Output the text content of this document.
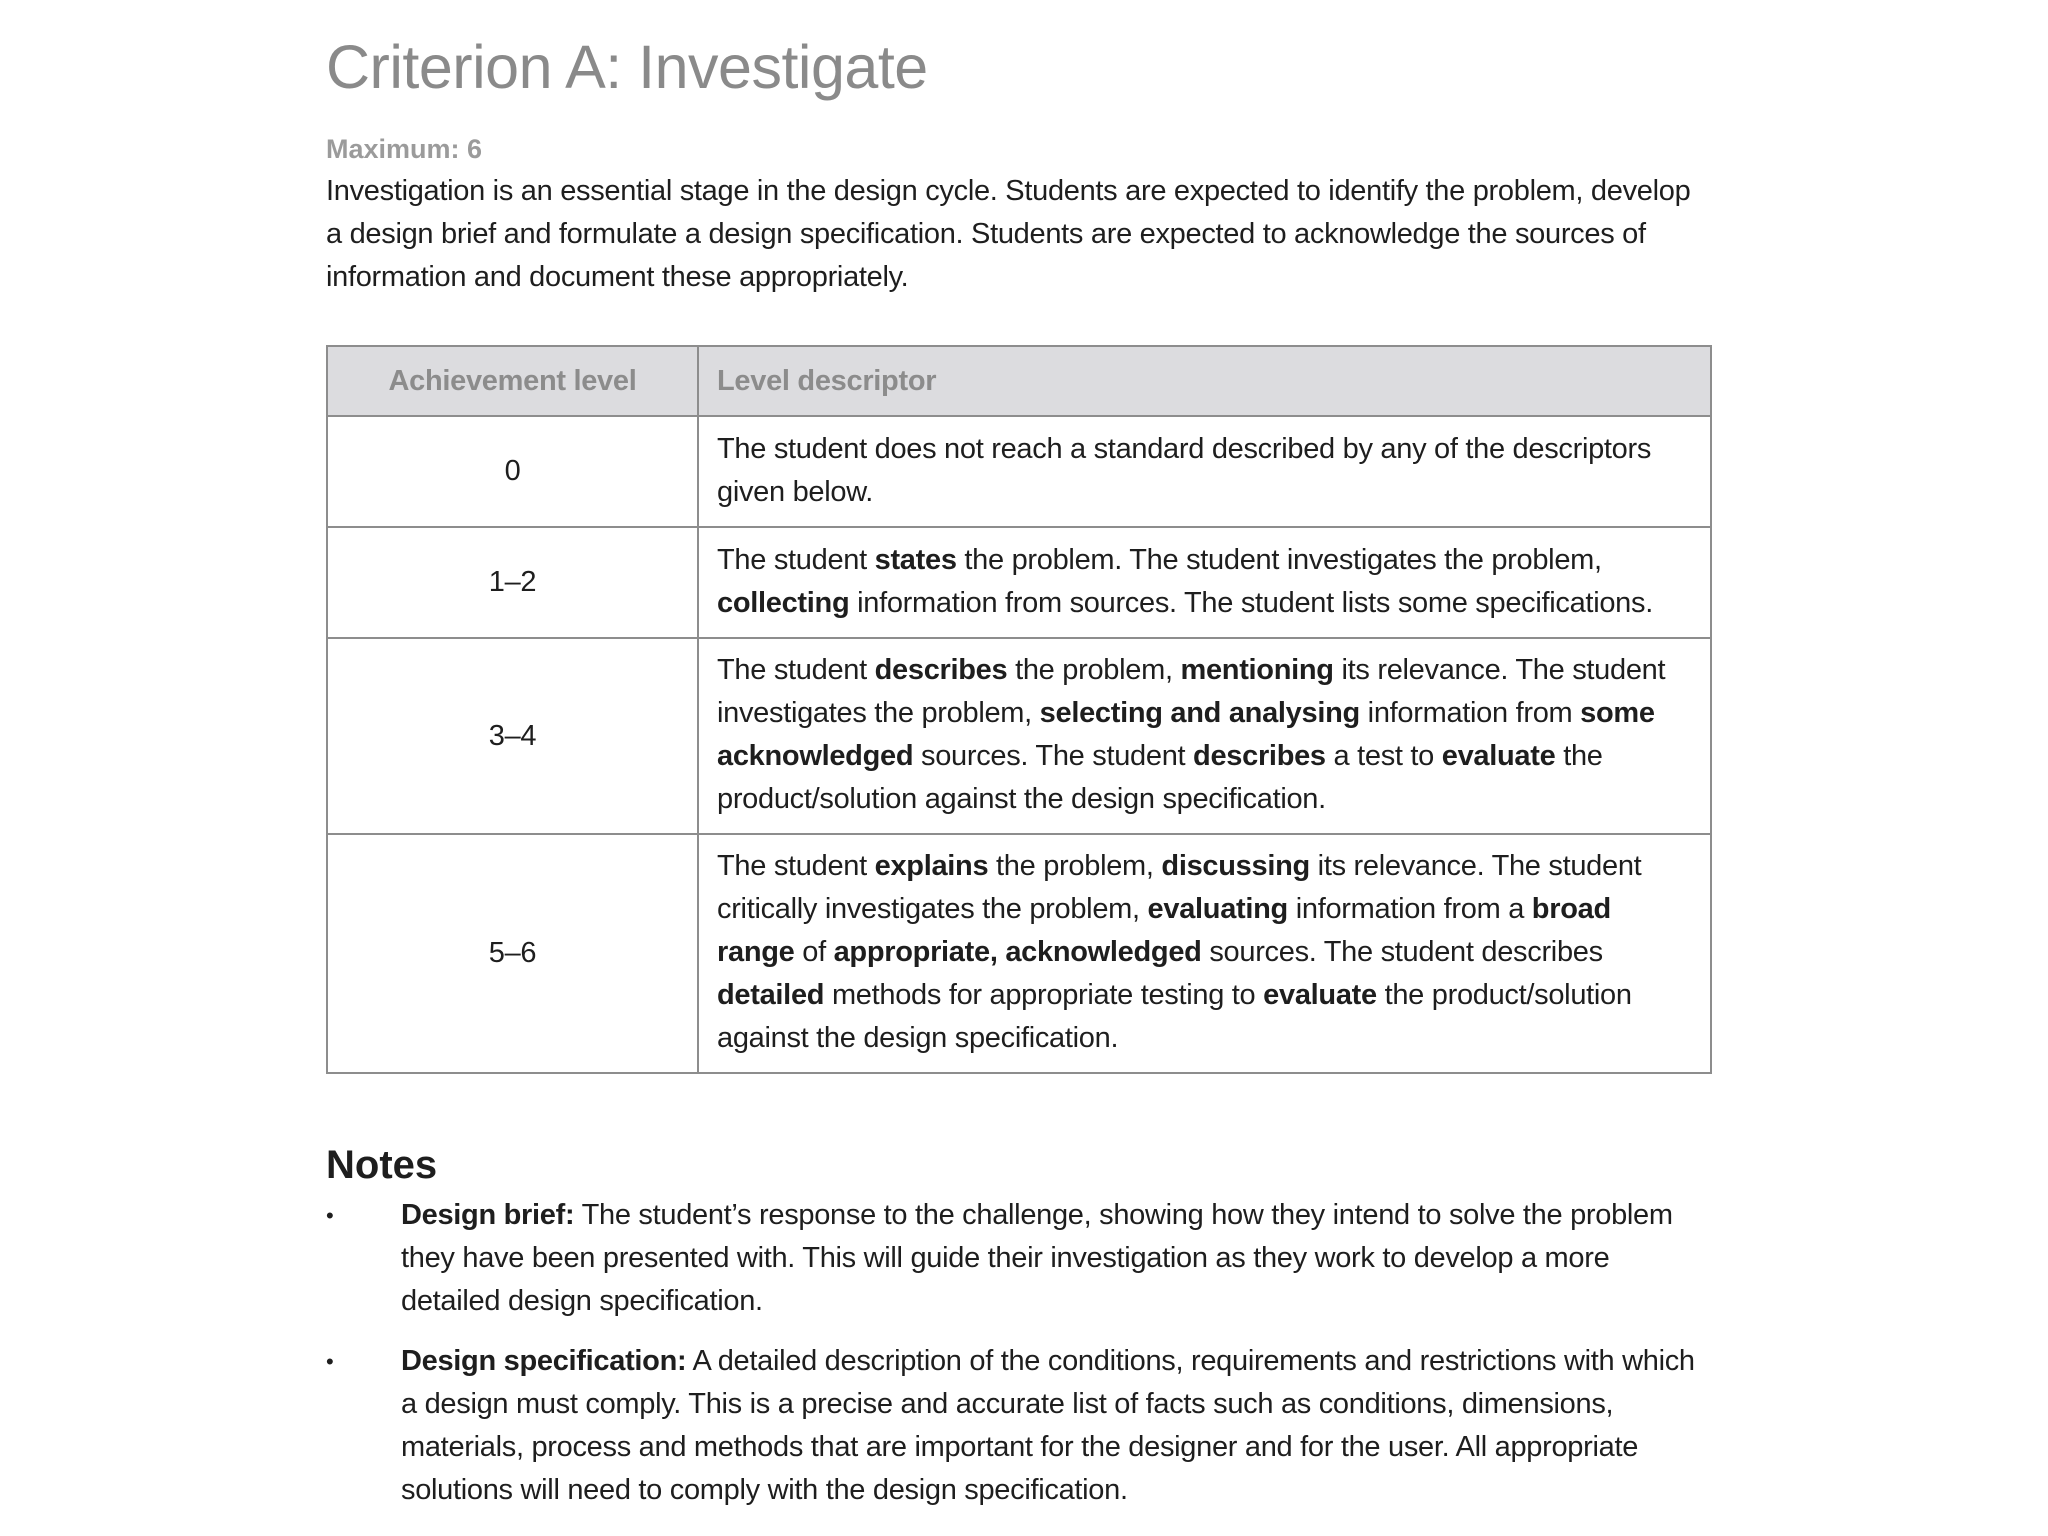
Criterion A: Investigate
Maximum: 6

Investigation is an essential stage in the design cycle. Students are expected to identify the problem, develop a design brief and formulate a design specification. Students are expected to acknowledge the sources of information and document these appropriately.

Achievement level	Level descriptor
0	The student does not reach a standard described by any of the descriptors given below.
1–2	The student states the problem. The student investigates the problem, collecting information from sources. The student lists some specifications.
3–4	The student describes the problem, mentioning its relevance. The student investigates the problem, selecting and analysing information from some acknowledged sources. The student describes a test to evaluate the product/solution against the design specification.
5–6	The student explains the problem, discussing its relevance. The student critically investigates the problem, evaluating information from a broad range of appropriate, acknowledged sources. The student describes detailed methods for appropriate testing to evaluate the product/solution against the design specification.
Notes
• Design brief: The student’s response to the challenge, showing how they intend to solve the problem they have been presented with. This will guide their investigation as they work to develop a more detailed design specification.
• Design specification: A detailed description of the conditions, requirements and restrictions with which a design must comply. This is a precise and accurate list of facts such as conditions, dimensions, materials, process and methods that are important for the designer and for the user. All appropriate solutions will need to comply with the design specification.
